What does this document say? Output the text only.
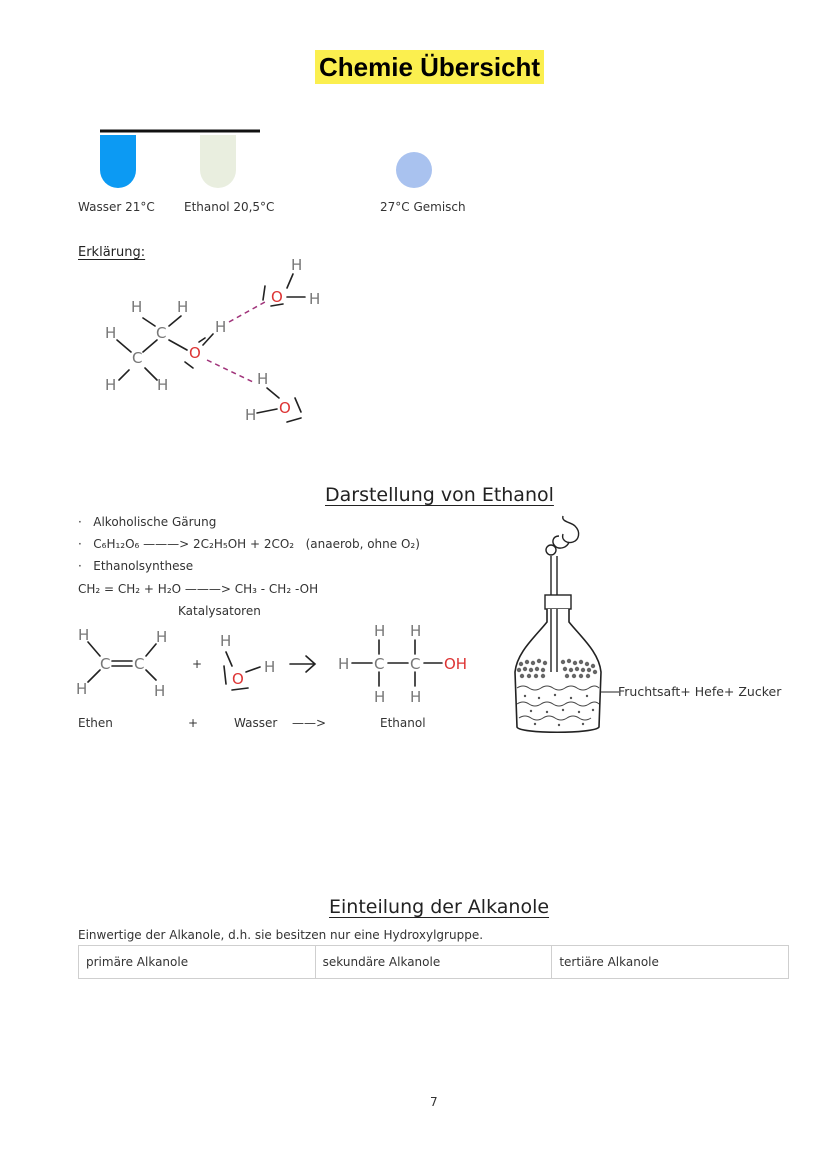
Chemie Übersicht
Wasser 21°C Ethanol 20,5°C	27°C Gemisch
Erklärung:
H H
C
H
C
H	H
O
H
H
O H
H
O
H
Darstellung von Ethanol
·   Alkoholische Gärung
·   C₆H₁₂O₆ ———> 2C₂H₅OH + 2CO₂ (anaerob, ohne O₂)
·   Ethanolsynthese
CH₂ = CH₂ + H₂O ———> CH₃ - CH₂ -OH
Katalysatoren
H	H
C C
H	H
+
H
O
H
H H
H C C OH
H H
Ethen	+	Wasser ——>	Ethanol
Fruchtsaft+ Hefe+ Zucker
Einteilung der Alkanole
Einwertige der Alkanole, d.h. sie besitzen nur eine Hydroxylgruppe.
primäre Alkanole	sekundäre Alkanole	tertiäre Alkanole
7
